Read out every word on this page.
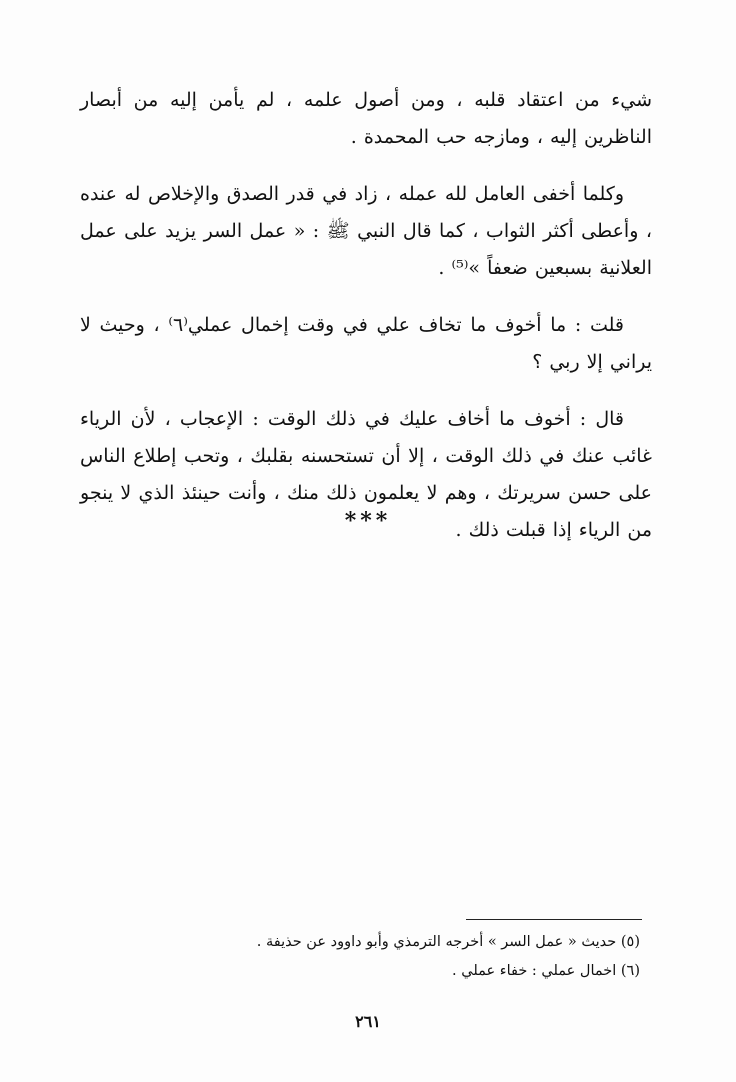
شيء من اعتقاد قلبه ، ومن أصول علمه ، لم يأمن إليه من أبصار الناظرين إليه ، ومازجه حب المحمدة .

وكلما أخفى العامل لله عمله ، زاد في قدر الصدق والإخلاص له عنده ، وأعطى أكثر الثواب ، كما قال النبي ﷺ : « عمل السر يزيد على عمل العلانية بسبعين ضعفاً »⁽⁵⁾ .

قلت : ما أخوف ما تخاف علي في وقت إخمال عملي⁽٦⁾ ، وحيث لا يراني إلا ربي ؟

قال : أخوف ما أخاف عليك في ذلك الوقت : الإعجاب ، لأن الرياء غائب عنك في ذلك الوقت ، إلا أن تستحسنه بقلبك ، وتحب إطلاع الناس على حسن سريرتك ، وهم لا يعلمون ذلك منك ، وأنت حينئذ الذي لا ينجو من الرياء إذا قبلت ذلك .

***

(٥) حديث « عمل السر » أخرجه الترمذي وأبو داوود عن حذيفة .

(٦) اخمال عملي : خفاء عملي .

٢٦١
